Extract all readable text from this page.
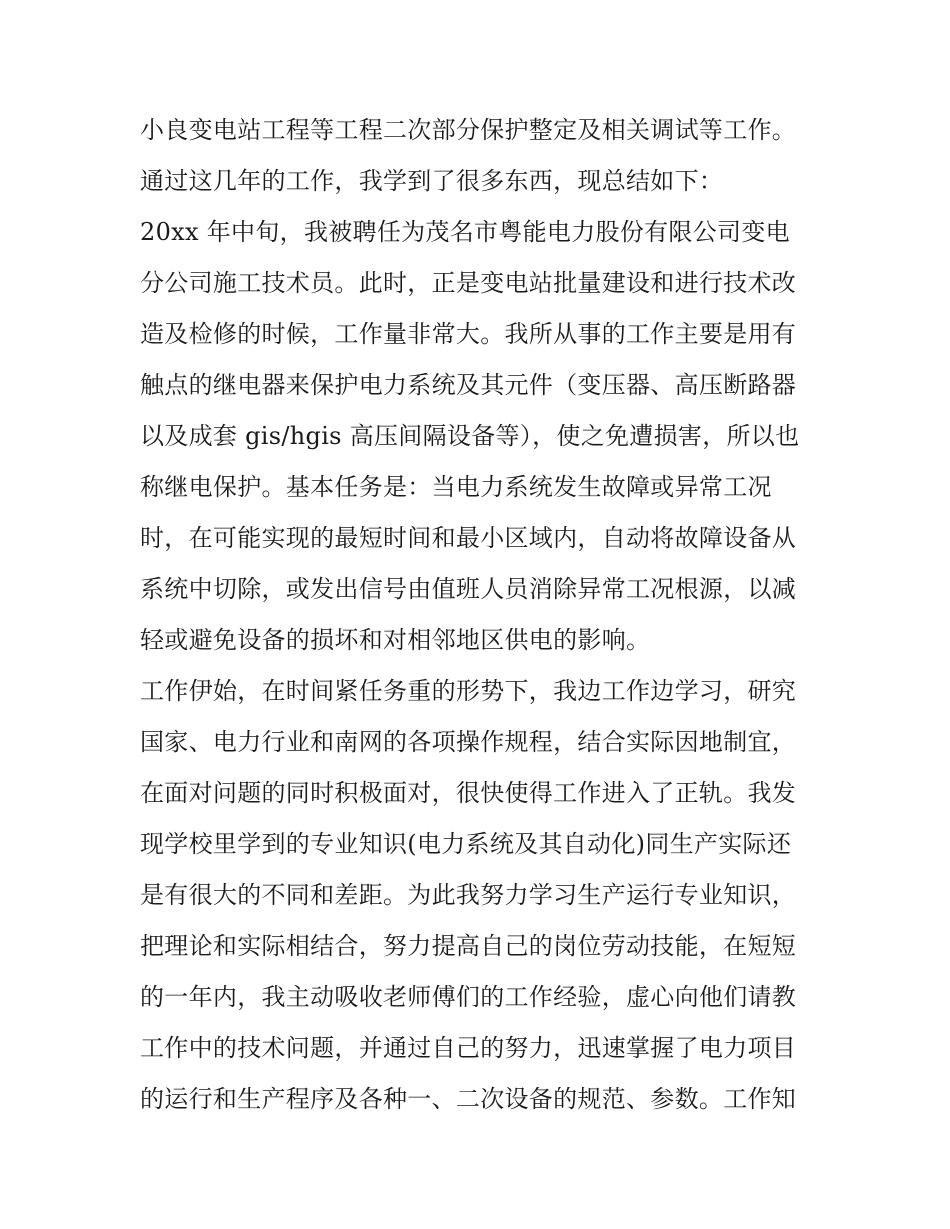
小良变电站工程等工程二次部分保护整定及相关调试等工作。
通过这几年的工作，我学到了很多东西，现总结如下：
20xx 年中旬，我被聘任为茂名市粤能电力股份有限公司变电
分公司施工技术员。此时，正是变电站批量建设和进行技术改
造及检修的时候，工作量非常大。我所从事的工作主要是用有
触点的继电器来保护电力系统及其元件（变压器、高压断路器
以及成套 gis/hgis 高压间隔设备等），使之免遭损害，所以也
称继电保护。基本任务是：当电力系统发生故障或异常工况
时，在可能实现的最短时间和最小区域内，自动将故障设备从
系统中切除，或发出信号由值班人员消除异常工况根源，以减
轻或避免设备的损坏和对相邻地区供电的影响。
工作伊始，在时间紧任务重的形势下，我边工作边学习，研究
国家、电力行业和南网的各项操作规程，结合实际因地制宜，
在面对问题的同时积极面对，很快使得工作进入了正轨。我发
现学校里学到的专业知识(电力系统及其自动化)同生产实际还
是有很大的不同和差距。为此我努力学习生产运行专业知识，
把理论和实际相结合，努力提高自己的岗位劳动技能，在短短
的一年内，我主动吸收老师傅们的工作经验，虚心向他们请教
工作中的技术问题，并通过自己的努力，迅速掌握了电力项目
的运行和生产程序及各种一、二次设备的规范、参数。工作知
